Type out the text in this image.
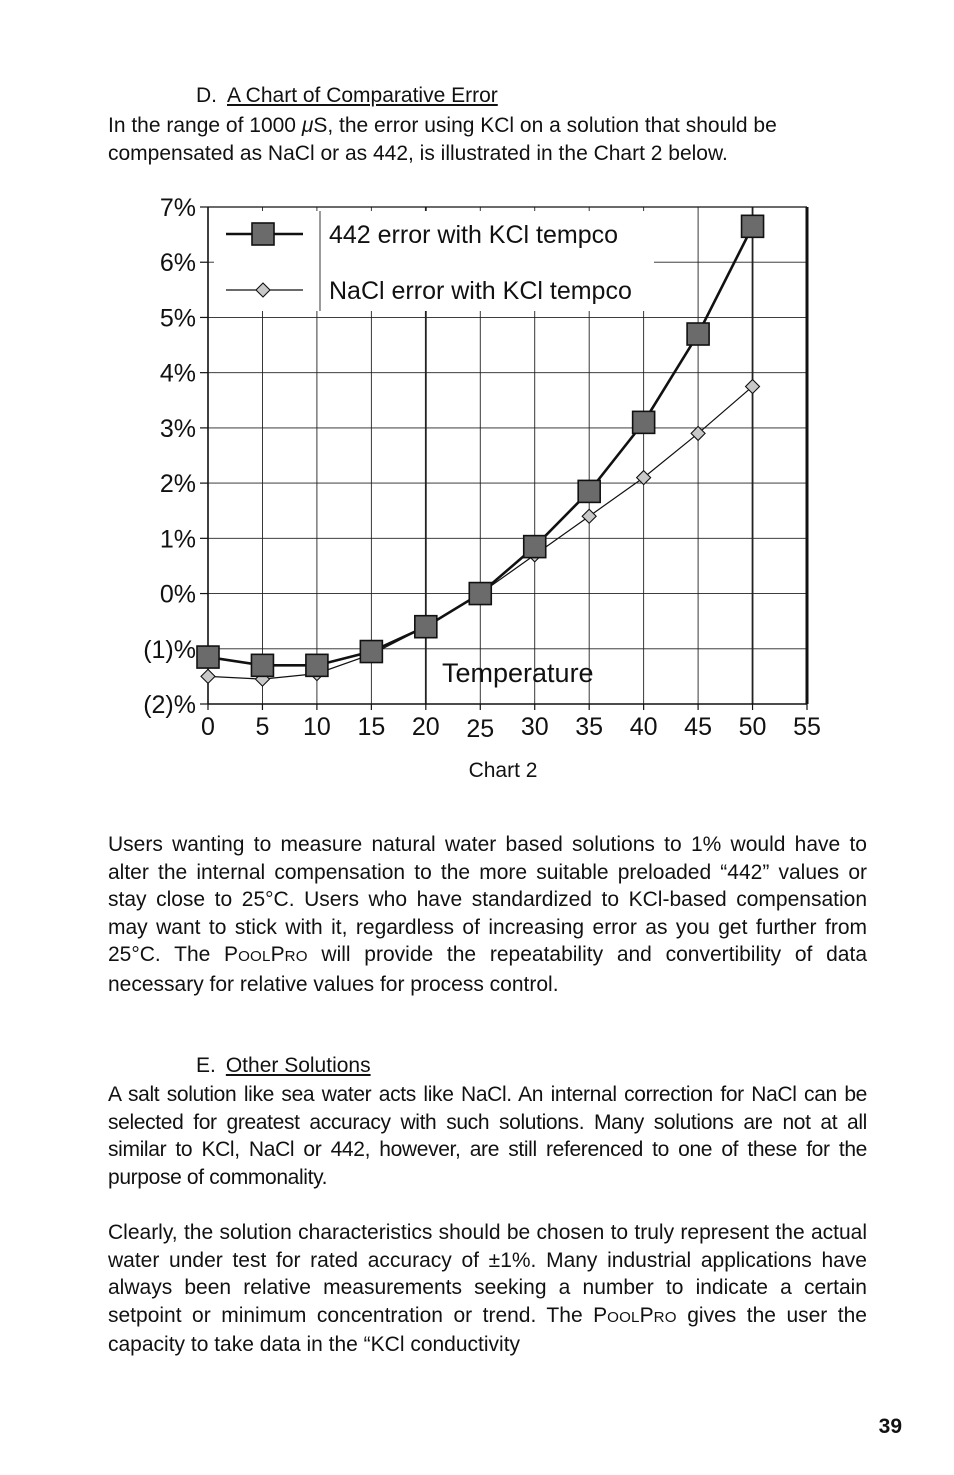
D. A Chart of Comparative Error

In the range of 1000 μS, the error using KCl on a solution that should be compensated as NaCl or as 442, is illustrated in the Chart 2 below.

(2)%
(1)%
0%
1%
2%
3%
4%
5%
6%
7%
0 5 10 15 20 25 30 35 40 45 50 55
442 error with KCl tempco
NaCl error with KCl tempco
Temperature
Chart 2

Users wanting to measure natural water based solutions to 1% would have to alter the internal compensation to the more suitable preloaded “442” values or stay close to 25°C. Users who have standardized to KCl-based compensation may want to stick with it, regardless of increasing error as you get further from 25°C. The POOLPRO will provide the repeatability and convertibility of data necessary for relative values for process control.

E. Other Solutions

A salt solution like sea water acts like NaCl. An internal correction for NaCl can be selected for greatest accuracy with such solutions. Many solutions are not at all similar to KCl, NaCl or 442, however, are still referenced to one of these for the purpose of commonality.

Clearly, the solution characteristics should be chosen to truly represent the actual water under test for rated accuracy of ±1%. Many industrial applications have always been relative measurements seeking a number to indicate a certain setpoint or minimum concentration or trend. The POOLPRO gives the user the capacity to take data in the “KCl conductivity

39
